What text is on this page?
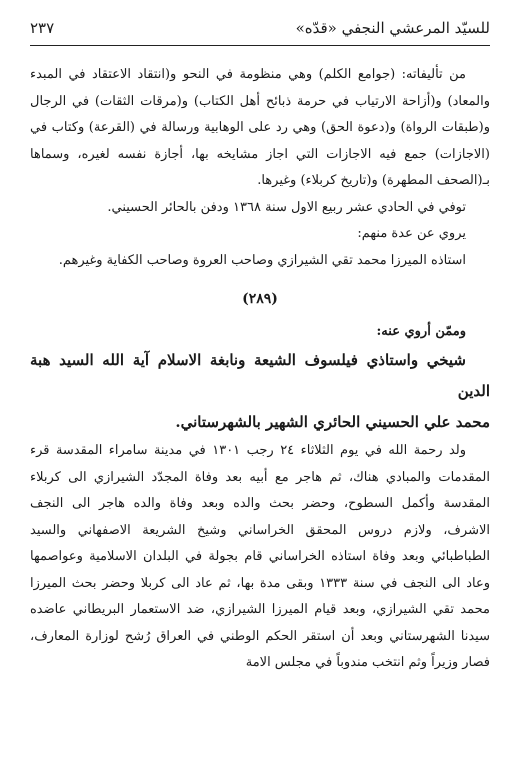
للسيّد المرعشي النجفي «قدّه»
٢٣٧

من تأليفاته: (جوامع الكلم) وهي منظومة في النحو و(انتقاد الاعتقاد في المبدء والمعاد) و(أزاحة الارتياب في حرمة ذبائح أهل الكتاب) و(مرقات الثقات) في الرجال و(طبقات الرواة) و(دعوة الحق) وهي رد على الوهابية ورسالة في (القرعة) وكتاب في (الاجازات) جمع فيه الاجازات التي اجاز مشايخه بها، أجازة نفسه لغيره، وسماها بـ(الصحف المطهرة) و(تاريخ كربلاء) وغيرها.

توفي في الحادي عشر ربيع الاول سنة ١٣٦٨ ودفن بالحائر الحسيني.

يروي عن عدة منهم:

استاذه الميرزا محمد تقي الشيرازي وصاحب العروة وصاحب الكفاية وغيرهم.

(٢٨٩)

وممّن أروي عنه:

شيخي واستاذي فيلسوف الشيعة ونابغة الاسلام آية الله السيد هبة الدين

محمد علي الحسيني الحائري الشهير بالشهرستاني.

ولد رحمة الله في يوم الثلاثاء ٢٤ رجب ١٣٠١ في مدينة سامراء المقدسة قرء المقدمات والمبادي هناك، ثم هاجر مع أبيه بعد وفاة المجدّد الشيرازي الى كربلاء المقدسة وأكمل السطوح، وحضر بحث والده وبعد وفاة والده هاجر الى النجف الاشرف، ولازم دروس المحقق الخراساني وشيخ الشريعة الاصفهاني والسيد الطباطبائي وبعد وفاة استاذه الخراساني قام بجولة في البلدان الاسلامية وعواصمها وعاد الى النجف في سنة ١٣٣٣ وبقى مدة بها، ثم عاد الى كربلا وحضر بحث الميرزا محمد تقي الشيرازي، وبعد قيام الميرزا الشيرازي، ضد الاستعمار البريطاني عاضده سيدنا الشهرستاني وبعد أن استقر الحكم الوطني في العراق رُشح لوزارة المعارف، فصار وزيراً وثم انتخب مندوباً في مجلس الامة
